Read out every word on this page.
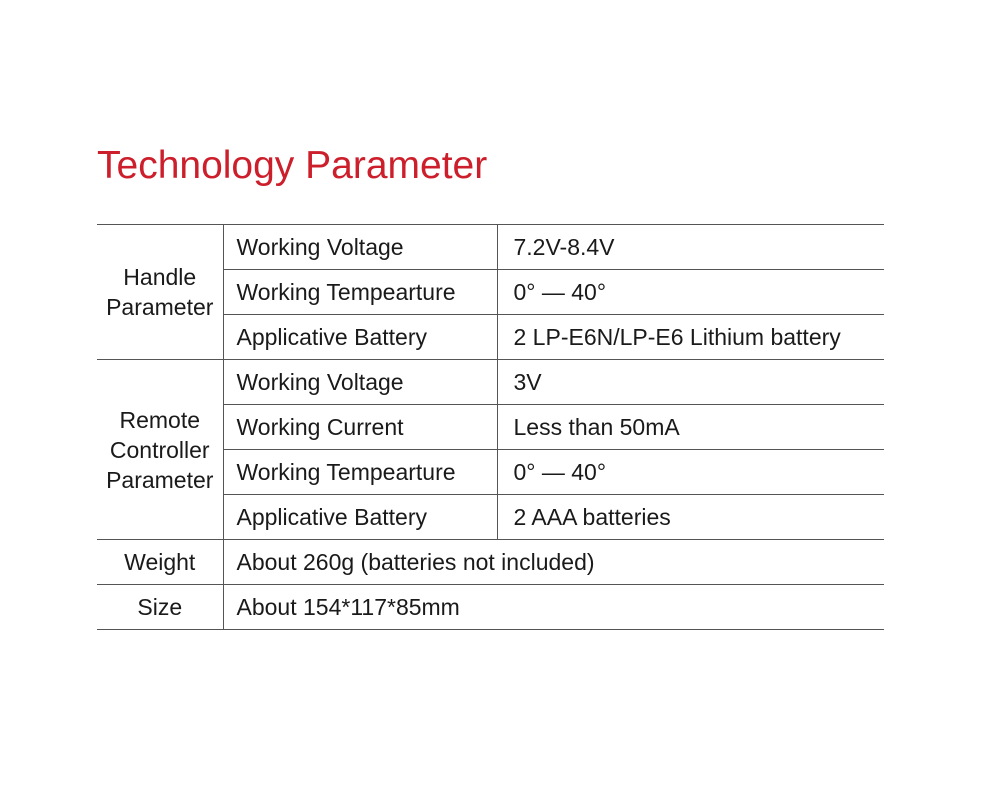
Technology Parameter
Handle
Parameter	Working Voltage	7.2V-8.4V
	Working Tempearture	0° — 40°
	Applicative Battery	2 LP-E6N/LP-E6 Lithium battery
Remote
Controller
Parameter	Working Voltage	3V
	Working Current	Less than 50mA
	Working Tempearture	0° — 40°
	Applicative Battery	2 AAA batteries
Weight	About 260g (batteries not included)	
Size	About 154*117*85mm	
